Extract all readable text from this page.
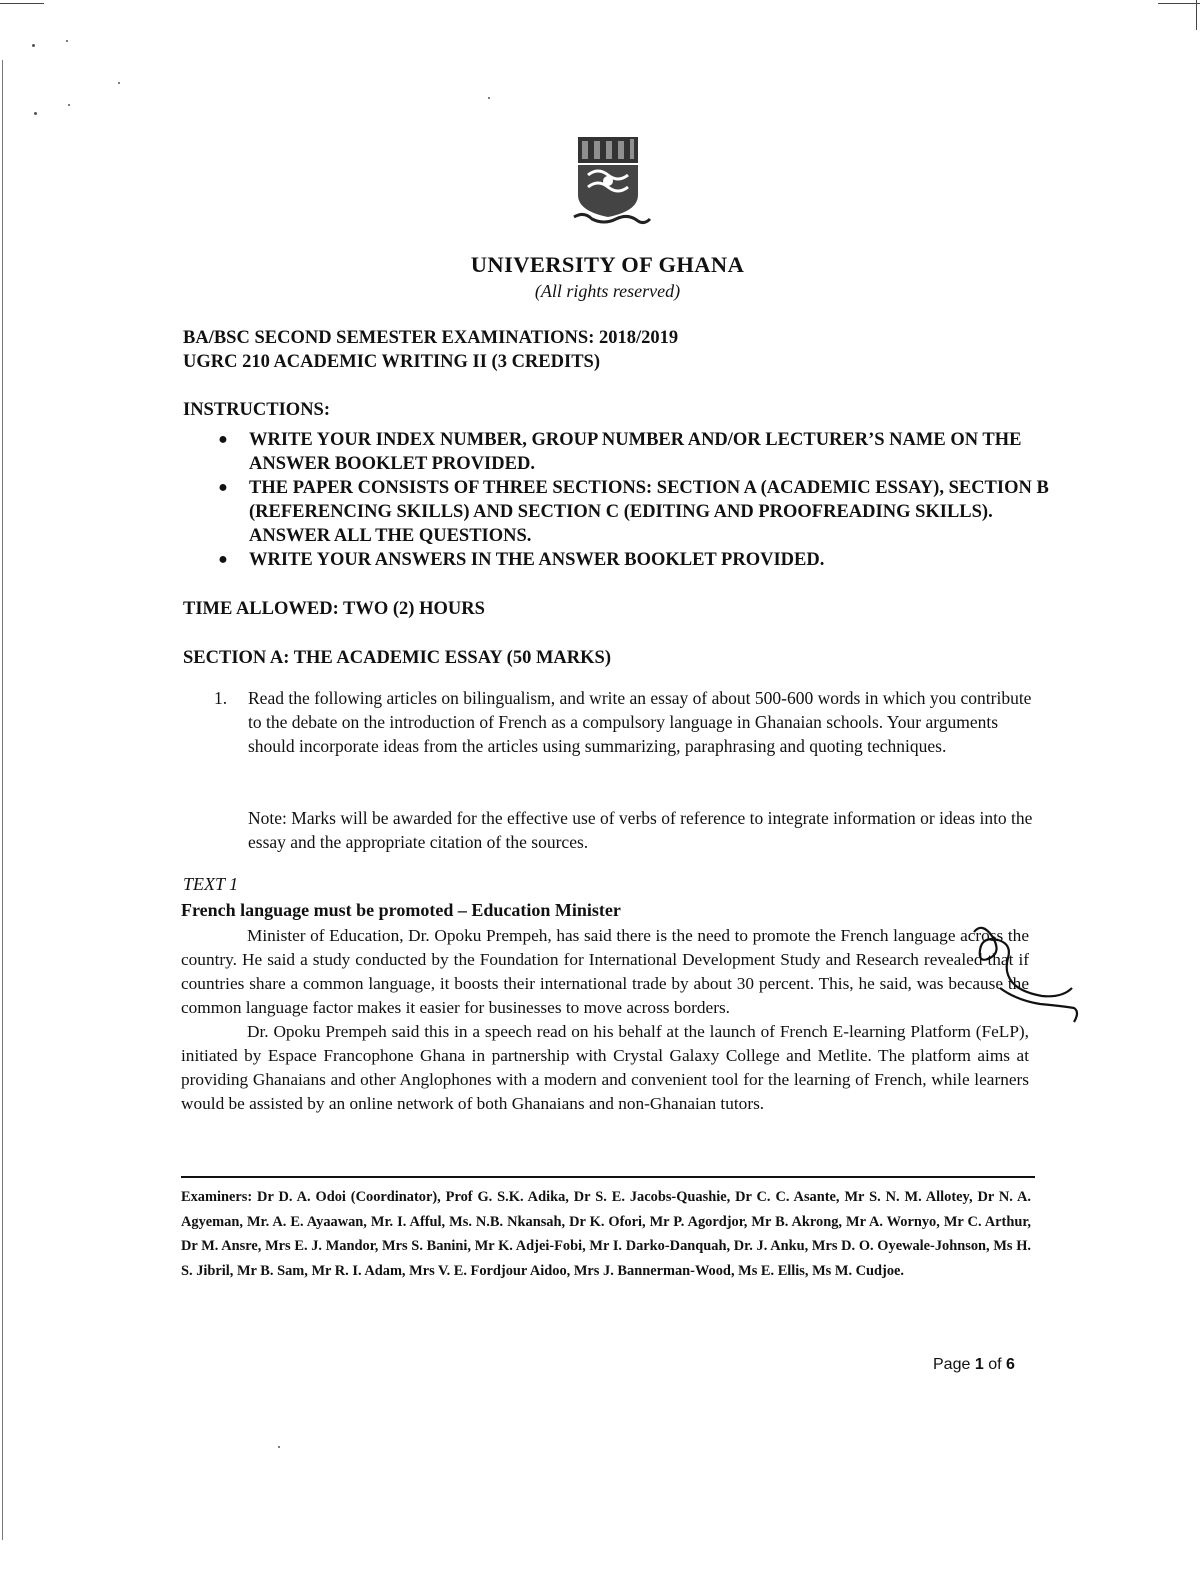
UNIVERSITY OF GHANA
(All rights reserved)
BA/BSC SECOND SEMESTER EXAMINATIONS: 2018/2019
UGRC 210 ACADEMIC WRITING II (3 CREDITS)
INSTRUCTIONS:
● WRITE YOUR INDEX NUMBER, GROUP NUMBER AND/OR LECTURER’S NAME ON THE ANSWER BOOKLET PROVIDED.
● THE PAPER CONSISTS OF THREE SECTIONS: SECTION A (ACADEMIC ESSAY), SECTION B (REFERENCING SKILLS) AND SECTION C (EDITING AND PROOFREADING SKILLS). ANSWER ALL THE QUESTIONS.
● WRITE YOUR ANSWERS IN THE ANSWER BOOKLET PROVIDED.
TIME ALLOWED: TWO (2) HOURS
SECTION A: THE ACADEMIC ESSAY (50 MARKS)
1. Read the following articles on bilingualism, and write an essay of about 500-600 words in which you contribute to the debate on the introduction of French as a compulsory language in Ghanaian schools. Your arguments should incorporate ideas from the articles using summarizing, paraphrasing and quoting techniques.
Note: Marks will be awarded for the effective use of verbs of reference to integrate information or ideas into the essay and the appropriate citation of the sources.
TEXT 1
French language must be promoted – Education Minister

Minister of Education, Dr. Opoku Prempeh, has said there is the need to promote the French language across the country. He said a study conducted by the Foundation for International Development Study and Research revealed that if countries share a common language, it boosts their international trade by about 30 percent. This, he said, was because the common language factor makes it easier for businesses to move across borders.

Dr. Opoku Prempeh said this in a speech read on his behalf at the launch of French E-learning Platform (FeLP), initiated by Espace Francophone Ghana in partnership with Crystal Galaxy College and Metlite. The platform aims at providing Ghanaians and other Anglophones with a modern and convenient tool for the learning of French, while learners would be assisted by an online network of both Ghanaians and non-Ghanaian tutors.

Examiners: Dr D. A. Odoi (Coordinator), Prof G. S.K. Adika, Dr S. E. Jacobs-Quashie, Dr C. C. Asante, Mr S. N. M. Allotey, Dr N. A. Agyeman, Mr. A. E. Ayaawan, Mr. I. Afful, Ms. N.B. Nkansah, Dr K. Ofori, Mr P. Agordjor, Mr B. Akrong, Mr A. Wornyo, Mr C. Arthur, Dr M. Ansre, Mrs E. J. Mandor, Mrs S. Banini, Mr K. Adjei-Fobi, Mr I. Darko-Danquah, Dr. J. Anku, Mrs D. O. Oyewale-Johnson, Ms H. S. Jibril, Mr B. Sam, Mr R. I. Adam, Mrs V. E. Fordjour Aidoo, Mrs J. Bannerman-Wood, Ms E. Ellis, Ms M. Cudjoe.
Page 1 of 6
